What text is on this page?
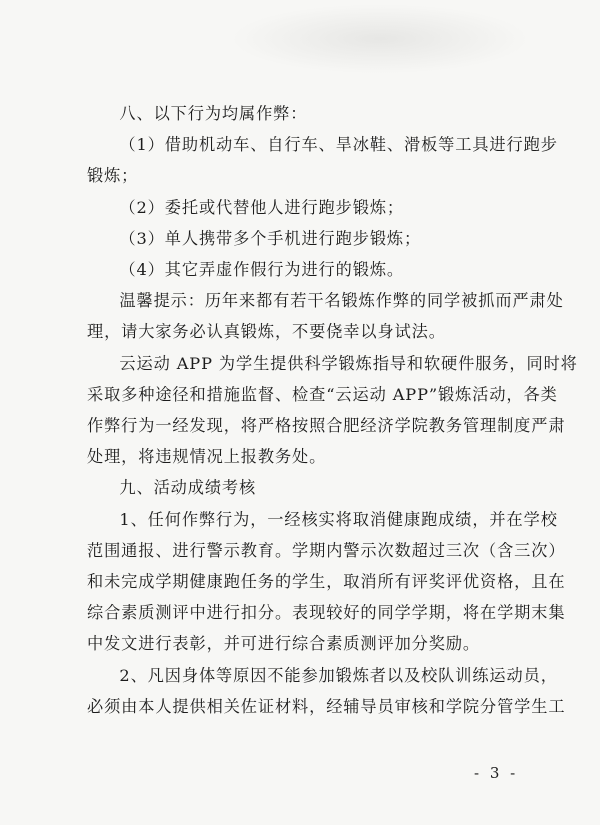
八、以下行为均属作弊：
（1）借助机动车、自行车、旱冰鞋、滑板等工具进行跑步
锻炼；
（2）委托或代替他人进行跑步锻炼；
（3）单人携带多个手机进行跑步锻炼；
（4）其它弄虚作假行为进行的锻炼。
温馨提示：历年来都有若干名锻炼作弊的同学被抓而严肃处
理，请大家务必认真锻炼，不要侥幸以身试法。
云运动 APP 为学生提供科学锻炼指导和软硬件服务，同时将
采取多种途径和措施监督、检查“云运动 APP”锻炼活动，各类
作弊行为一经发现，将严格按照合肥经济学院教务管理制度严肃
处理，将违规情况上报教务处。
九、活动成绩考核
1、任何作弊行为，一经核实将取消健康跑成绩，并在学校
范围通报、进行警示教育。学期内警示次数超过三次（含三次）
和未完成学期健康跑任务的学生，取消所有评奖评优资格，且在
综合素质测评中进行扣分。表现较好的同学学期，将在学期末集
中发文进行表彰，并可进行综合素质测评加分奖励。
2、凡因身体等原因不能参加锻炼者以及校队训练运动员，
必须由本人提供相关佐证材料，经辅导员审核和学院分管学生工
- 3 -
